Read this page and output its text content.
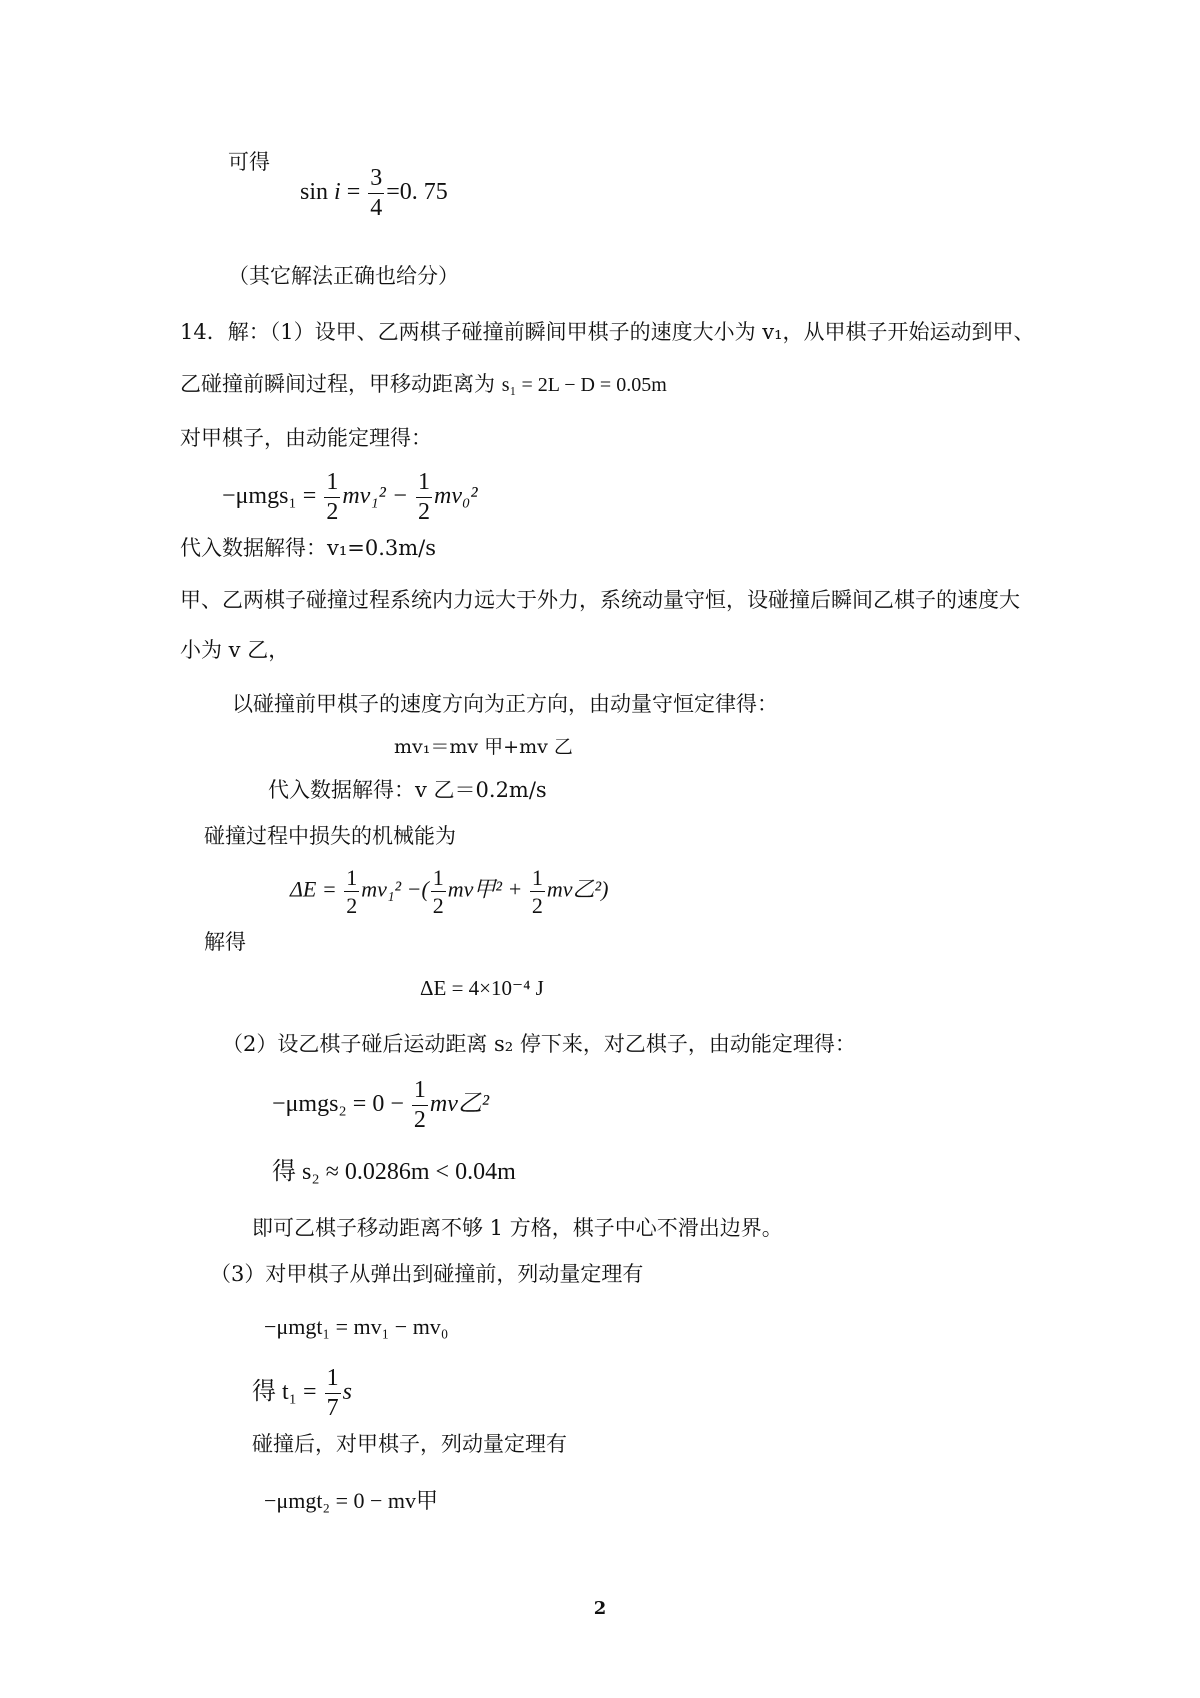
可得
$\sin i = \frac{3}{4} =0$. 75
（其它解法正确也给分）
14．解：（1）设甲、乙两棋子碰撞前瞬间甲棋子的速度大小为 v₁，从甲棋子开始运动到甲、
乙碰撞前瞬间过程，甲移动距离为 s₁ = 2L − D = 0.05m
对甲棋子，由动能定理得：
$-\mu mgs_1 = \frac{1}{2} mv_1^2 - \frac{1}{2} mv_0^2$
代入数据解得：v₁=0.3m/s
甲、乙两棋子碰撞过程系统内力远大于外力，系统动量守恒，设碰撞后瞬间乙棋子的速度大
小为 v 乙，
以碰撞前甲棋子的速度方向为正方向，由动量守恒定律得：
mv₁＝mv 甲+mv 乙
代入数据解得：v 乙＝0.2m/s
碰撞过程中损失的机械能为
$\Delta E = \frac{1}{2} mv_1^2$ −( $\frac{1}{2}$ mv甲$^2 + \frac{1}{2}$ mv乙²)
解得
ΔE = 4×10⁻⁴ J
（2）设乙棋子碰后运动距离 s₂ 停下来，对乙棋子，由动能定理得：
$-\mu mgs_2 = 0 - \frac{1}{2}$ mv乙²
得 s₂ ≈ 0.0286m < 0.04m
即可乙棋子移动距离不够 1 方格，棋子中心不滑出边界。
（3）对甲棋子从弹出到碰撞前，列动量定理有
−μmgt₁ = mv₁ − mv₀
得 $t_1 = \frac{1}{7}$ s
碰撞后，对甲棋子，列动量定理有
−μmgt₂ = 0 − mv甲
2
